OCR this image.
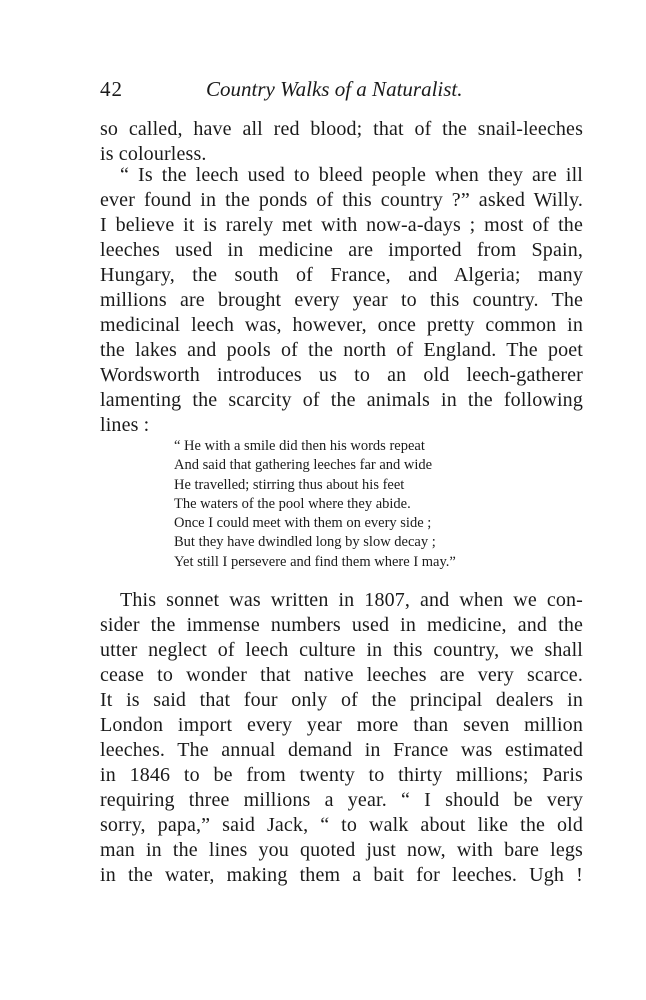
42	Country Walks of a Naturalist.
so called, have all red blood; that of the snail-leeches
is colourless.
“ Is the leech used to bleed people when they are ill
ever found in the ponds of this country ?” asked Willy.
I believe it is rarely met with now-a-days ; most of the
leeches used in medicine are imported from Spain,
Hungary, the south of France, and Algeria; many
millions are brought every year to this country. The
medicinal leech was, however, once pretty common in
the lakes and pools of the north of England. The poet
Wordsworth introduces us to an old leech-gatherer
lamenting the scarcity of the animals in the following
lines :
“ He with a smile did then his words repeat
And said that gathering leeches far and wide
He travelled; stirring thus about his feet
The waters of the pool where they abide.
Once I could meet with them on every side ;
But they have dwindled long by slow decay ;
Yet still I persevere and find them where I may.”
This sonnet was written in 1807, and when we con-
sider the immense numbers used in medicine, and the
utter neglect of leech culture in this country, we shall
cease to wonder that native leeches are very scarce.
It is said that four only of the principal dealers in
London import every year more than seven million
leeches. The annual demand in France was estimated
in 1846 to be from twenty to thirty millions; Paris
requiring three millions a year. “ I should be very
sorry, papa,” said Jack, “ to walk about like the old
man in the lines you quoted just now, with bare legs
in the water, making them a bait for leeches. Ugh !
